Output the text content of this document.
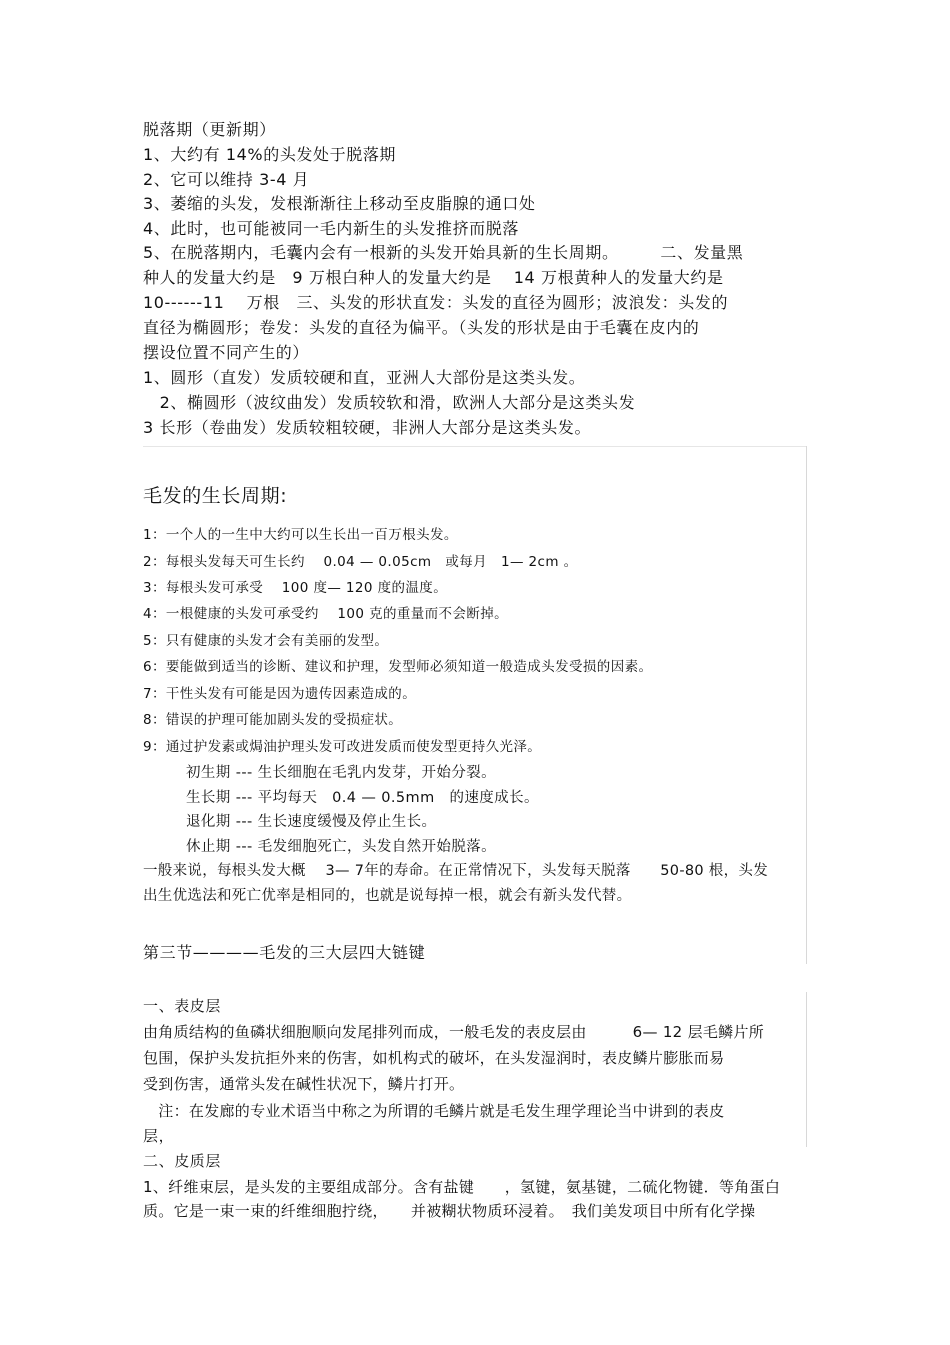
脱落期（更新期）
1、大约有 14%的头发处于脱落期
2、它可以维持 3-4 月
3、萎缩的头发，发根渐渐往上移动至皮脂腺的通口处
4、此时，也可能被同一毛内新生的头发推挤而脱落
5、在脱落期内，毛囊内会有一根新的头发开始具新的生长周期。　　　二、发量黑
种人的发量大约是　9 万根白种人的发量大约是　 14 万根黄种人的发量大约是
10------11　 万根　三、头发的形状直发：头发的直径为圆形；波浪发：头发的
直径为椭圆形；卷发：头发的直径为偏平。（头发的形状是由于毛囊在皮内的
摆设位置不同产生的）
1、圆形（直发）发质较硬和直，亚洲人大部份是这类头发。
　2、椭圆形（波纹曲发）发质较软和滑，欧洲人大部分是这类头发
3 长形（卷曲发）发质较粗较硬，非洲人大部分是这类头发。
毛发的生长周期:
1：一个人的一生中大约可以生长出一百万根头发。
2：每根头发每天可生长约　 0.04 — 0.05cm　或每月　1— 2cm 。
3：每根头发可承受　 100 度— 120 度的温度。
4：一根健康的头发可承受约　 100 克的重量而不会断掉。
5：只有健康的头发才会有美丽的发型。
6：要能做到适当的诊断、建议和护理，发型师必须知道一般造成头发受损的因素。
7：干性头发有可能是因为遗传因素造成的。
8：错误的护理可能加剧头发的受损症状。
9：通过护发素或焗油护理头发可改进发质而使发型更持久光泽。
初生期 --- 生长细胞在毛乳内发芽，开始分裂。
生长期 --- 平均每天　0.4 — 0.5mm　的速度成长。
退化期 --- 生长速度缓慢及停止生长。
休止期 --- 毛发细胞死亡，头发自然开始脱落。
一般来说，每根头发大概　 3— 7年的寿命。在正常情况下，头发每天脱落　　50-80 根，头发
出生优选法和死亡优率是相同的，也就是说每掉一根，就会有新头发代替。
第三节————毛发的三大层四大链键
一、表皮层
由角质结构的鱼磷状细胞顺向发尾排列而成，一般毛发的表皮层由　　　6— 12 层毛鳞片所
包围，保护头发抗拒外来的伤害，如机构式的破坏，在头发湿润时，表皮鳞片膨胀而易
受到伤害，通常头发在碱性状况下，鳞片打开。
　注：在发廊的专业术语当中称之为所谓的毛鳞片就是毛发生理学理论当中讲到的表皮
层，
二、皮质层
1、纤维束层，是头发的主要组成部分。含有盐键　　，氢键，氨基键，二硫化物键．等角蛋白
质。它是一束一束的纤维细胞拧绕，　　并被糊状物质环浸着。　我们美发项目中所有化学操
